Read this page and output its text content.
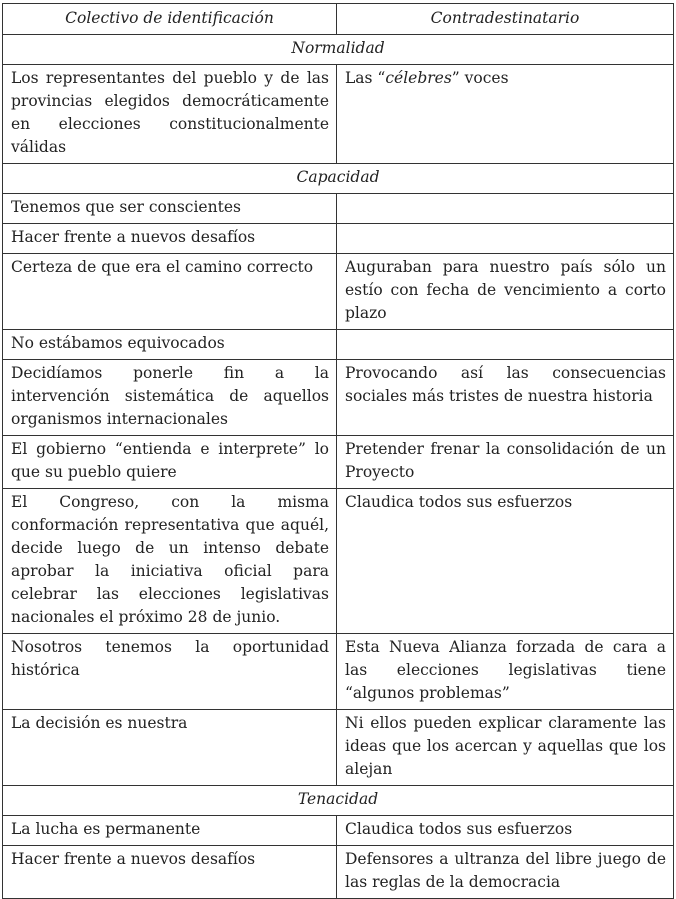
Colectivo de identificación	Contradestinatario
Normalidad	
Los representantes del pueblo y de las provincias elegidos democráticamente en elecciones constitucionalmente válidas	Las “célebres” voces
Capacidad	
Tenemos que ser conscientes	
Hacer frente a nuevos desafíos	
Certeza de que era el camino correcto	Auguraban para nuestro país sólo un estío con fecha de vencimiento a corto plazo
No estábamos equivocados	
Decidíamos ponerle fin a la intervención sistemática de aquellos organismos internacionales	Provocando así las consecuencias sociales más tristes de nuestra historia
El gobierno “entienda e interprete” lo que su pueblo quiere	Pretender frenar la consolidación de un Proyecto
El Congreso, con la misma conformación representativa que aquél, decide luego de un intenso debate aprobar la iniciativa oficial para celebrar las elecciones legislativas nacionales el próximo 28 de junio.	Claudica todos sus esfuerzos
Nosotros tenemos la oportunidad histórica	Esta Nueva Alianza forzada de cara a las elecciones legislativas tiene “algunos problemas”
La decisión es nuestra	Ni ellos pueden explicar claramente las ideas que los acercan y aquellas que los alejan
Tenacidad	
La lucha es permanente	Claudica todos sus esfuerzos
Hacer frente a nuevos desafíos	Defensores a ultranza del libre juego de las reglas de la democracia
